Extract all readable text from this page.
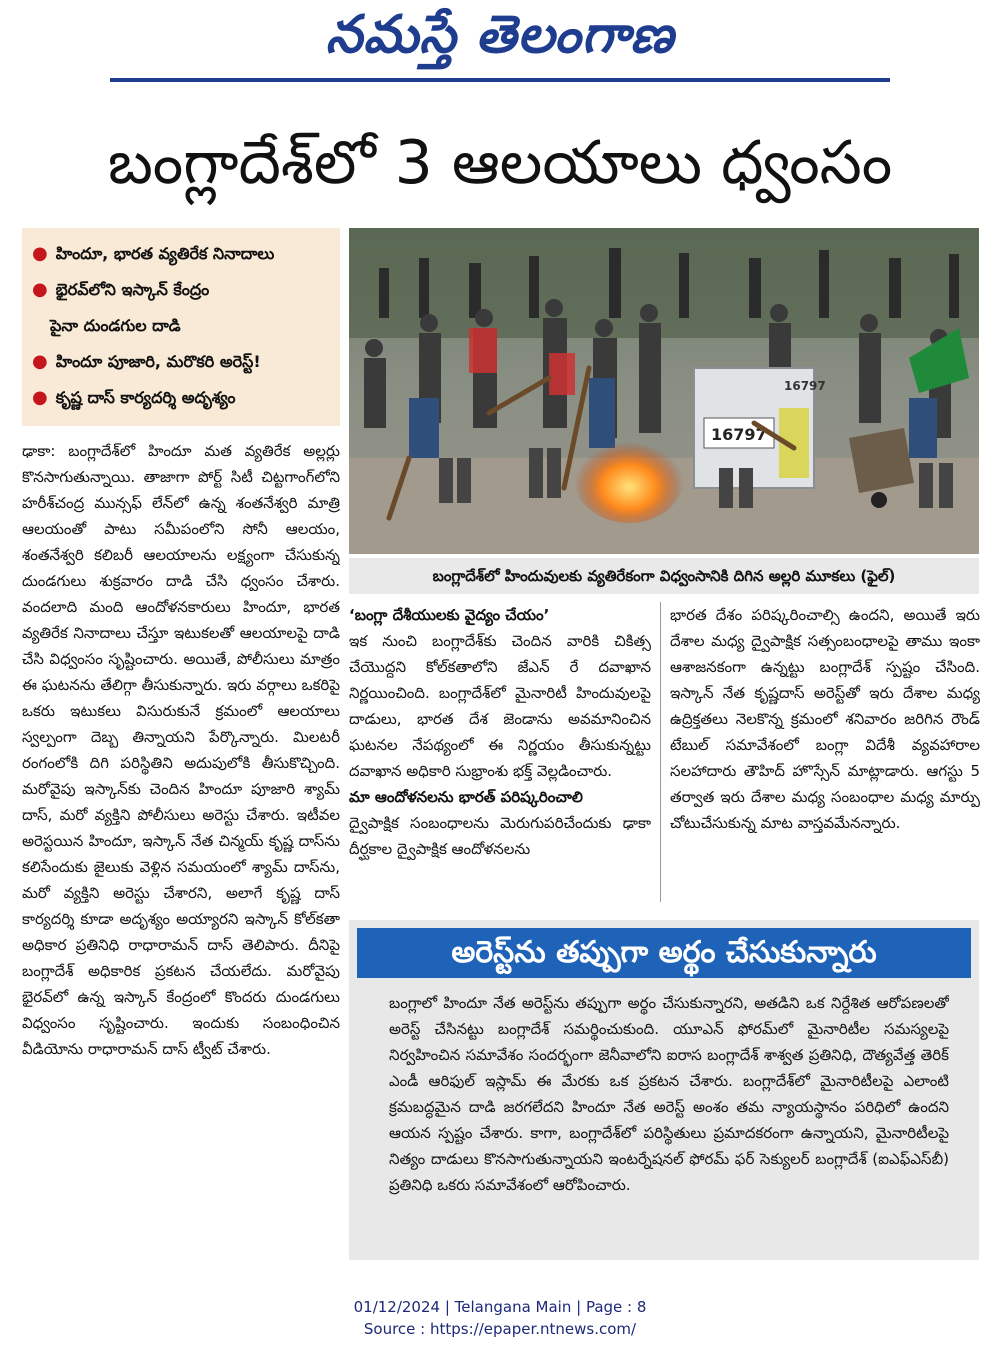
నమస్తే తెలంగాణ
బంగ్లాదేశ్‌లో 3 ఆలయాలు ధ్వంసం
● హిందూ, భారత వ్యతిరేక నినాదాలు
● భైరవ్‌లోని ఇస్కాన్ కేంద్రం
పైనా దుండగుల దాడి
● హిందూ పూజారి, మరొకరి అరెస్ట్!
● కృష్ణ దాస్ కార్యదర్శి అదృశ్యం
16797
16797
బంగ్లాదేశ్‌లో హిందువులకు వ్యతిరేకంగా విధ్వంసానికి దిగిన అల్లరి మూకలు (ఫైల్)

ఢాకా: బంగ్లాదేశ్‌లో హిందూ మత వ్యతిరేక అల్లర్లు కొనసాగుతున్నాయి. తాజాగా పోర్ట్ సిటీ చిట్టగాంగ్‌లోని హరీశ్‌చంద్ర మున్సఫ్ లేన్‌లో ఉన్న శంతనేశ్వరి మాత్రి ఆలయంతో పాటు సమీపంలోని సోనీ ఆలయం, శంతనేశ్వరి కలిబరీ ఆలయాలను లక్ష్యంగా చేసుకున్న దుండగులు శుక్రవారం దాడి చేసి ధ్వంసం చేశారు. వందలాది మంది ఆందోళనకారులు హిందూ, భారత వ్యతిరేక నినాదాలు చేస్తూ ఇటుకలతో ఆలయాలపై దాడి చేసి విధ్వంసం సృష్టించారు. అయితే, పోలీసులు మాత్రం ఈ ఘటనను తేలిగ్గా తీసుకున్నారు. ఇరు వర్గాలు ఒకరిపై ఒకరు ఇటుకలు విసురుకునే క్రమంలో ఆలయాలు స్వల్పంగా దెబ్బ తిన్నాయని పేర్కొన్నారు. మిలటరీ రంగంలోకి దిగి పరిస్థితిని అదుపులోకి తీసుకొచ్చింది. మరోవైపు ఇస్కాన్‌కు చెందిన హిందూ పూజారి శ్యామ్ దాస్, మరో వ్యక్తిని పోలీసులు అరెస్టు చేశారు. ఇటీవల అరెస్టయిన హిందూ, ఇస్కాన్ నేత చిన్మయ్ కృష్ణ దాస్‌ను కలిసేందుకు జైలుకు వెళ్లిన సమయంలో శ్యామ్ దాస్‌ను, మరో వ్యక్తిని అరెస్టు చేశారని, అలాగే కృష్ణ దాస్ కార్యదర్శి కూడా అదృశ్యం అయ్యారని ఇస్కాన్ కోల్‌కతా అధికార ప్రతినిధి రాధారామన్ దాస్ తెలిపారు. దీనిపై బంగ్లాదేశ్ అధికారిక ప్రకటన చేయలేదు. మరోవైపు భైరవ్‌లో ఉన్న ఇస్కాన్ కేంద్రంలో కొందరు దుండగులు విధ్వంసం సృష్టించారు. ఇందుకు సంబంధించిన వీడియోను రాధారామన్ దాస్ ట్వీట్ చేశారు.

‘బంగ్లా దేశీయులకు వైద్యం చేయం’

ఇక నుంచి బంగ్లాదేశ్‌కు చెందిన వారికి చికిత్స చేయొద్దని కోల్‌కతాలోని జేఎన్ రే దవాఖాన నిర్ణయించింది. బంగ్లాదేశ్‌లో మైనారిటీ హిందువులపై దాడులు, భారత దేశ జెండాను అవమానించిన ఘటనల నేపథ్యంలో ఈ నిర్ణయం తీసుకున్నట్టు దవాఖాన అధికారి సుభ్రాంశు భక్త్ వెల్లడించారు.

మా ఆందోళనలను భారత్ పరిష్కరించాలి

ద్వైపాక్షిక సంబంధాలను మెరుగుపరిచేందుకు ఢాకా దీర్ఘకాల ద్వైపాక్షిక ఆందోళనలను

భారత దేశం పరిష్కరించాల్సి ఉందని, అయితే ఇరు దేశాల మధ్య ద్వైపాక్షిక సత్సంబంధాలపై తాము ఇంకా ఆశాజనకంగా ఉన్నట్టు బంగ్లాదేశ్ స్పష్టం చేసింది. ఇస్కాన్ నేత కృష్ణదాస్ అరెస్ట్‌తో ఇరు దేశాల మధ్య ఉద్రిక్తతలు నెలకొన్న క్రమంలో శనివారం జరిగిన రౌండ్ టేబుల్ సమావేశంలో బంగ్లా విదేశీ వ్యవహారాల సలహాదారు తౌహిద్ హొస్సేన్ మాట్లాడారు. ఆగస్టు 5 తర్వాత ఇరు దేశాల మధ్య సంబంధాల మధ్య మార్పు చోటుచేసుకున్న మాట వాస్తవమేనన్నారు.

అరెస్ట్‌ను తప్పుగా అర్థం చేసుకున్నారు

బంగ్లాలో హిందూ నేత అరెస్ట్‌ను తప్పుగా అర్థం చేసుకున్నారని, అతడిని ఒక నిర్దేశిత ఆరోపణలతో అరెస్ట్ చేసినట్టు బంగ్లాదేశ్ సమర్థించుకుంది. యూఎన్ ఫోరమ్‌లో మైనారిటీల సమస్యలపై నిర్వహించిన సమావేశం సందర్భంగా జెనీవాలోని ఐరాస బంగ్లాదేశ్ శాశ్వత ప్రతినిధి, దౌత్యవేత్త తెరిక్ ఎండీ ఆరిఫుల్ ఇస్లామ్ ఈ మేరకు ఒక ప్రకటన చేశారు. బంగ్లాదేశ్‌లో మైనారిటీలపై ఎలాంటి క్రమబద్ధమైన దాడి జరగలేదని హిందూ నేత అరెస్ట్ అంశం తమ న్యాయస్థానం పరిధిలో ఉందని ఆయన స్పష్టం చేశారు. కాగా, బంగ్లాదేశ్‌లో పరిస్థితులు ప్రమాదకరంగా ఉన్నాయని, మైనారిటీలపై నిత్యం దాడులు కొనసాగుతున్నాయని ఇంటర్నేషనల్ ఫోరమ్ ఫర్ సెక్యులర్ బంగ్లాదేశ్ (ఐఎఫ్ఎస్‌బీ) ప్రతినిధి ఒకరు సమావేశంలో ఆరోపించారు.

01/12/2024 | Telangana Main | Page : 8
Source : https://epaper.ntnews.com/
